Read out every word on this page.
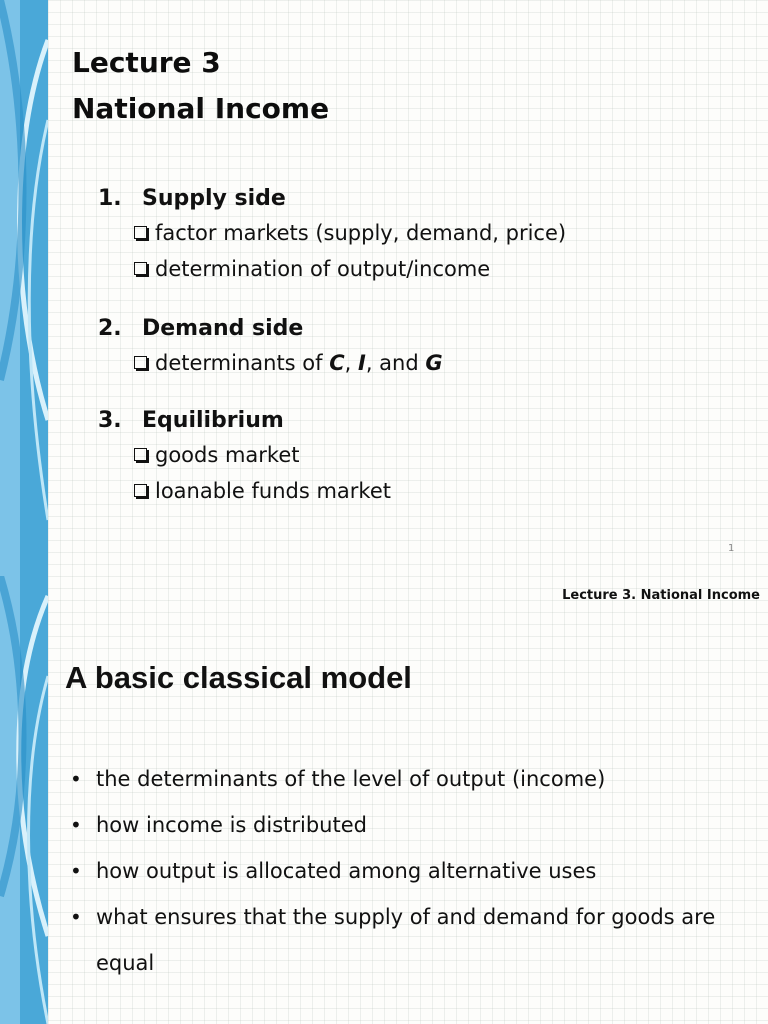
Lecture 3
National Income
1. Supply side
factor markets (supply, demand, price)
determination of output/income
2. Demand side
determinants of C, I, and G
3. Equilibrium
goods market
loanable funds market
1
Lecture 3. National Income
A basic classical model
• the determinants of the level of output (income)
• how income is distributed
• how output is allocated among alternative uses
• what ensures that the supply of and demand for goods are equal
